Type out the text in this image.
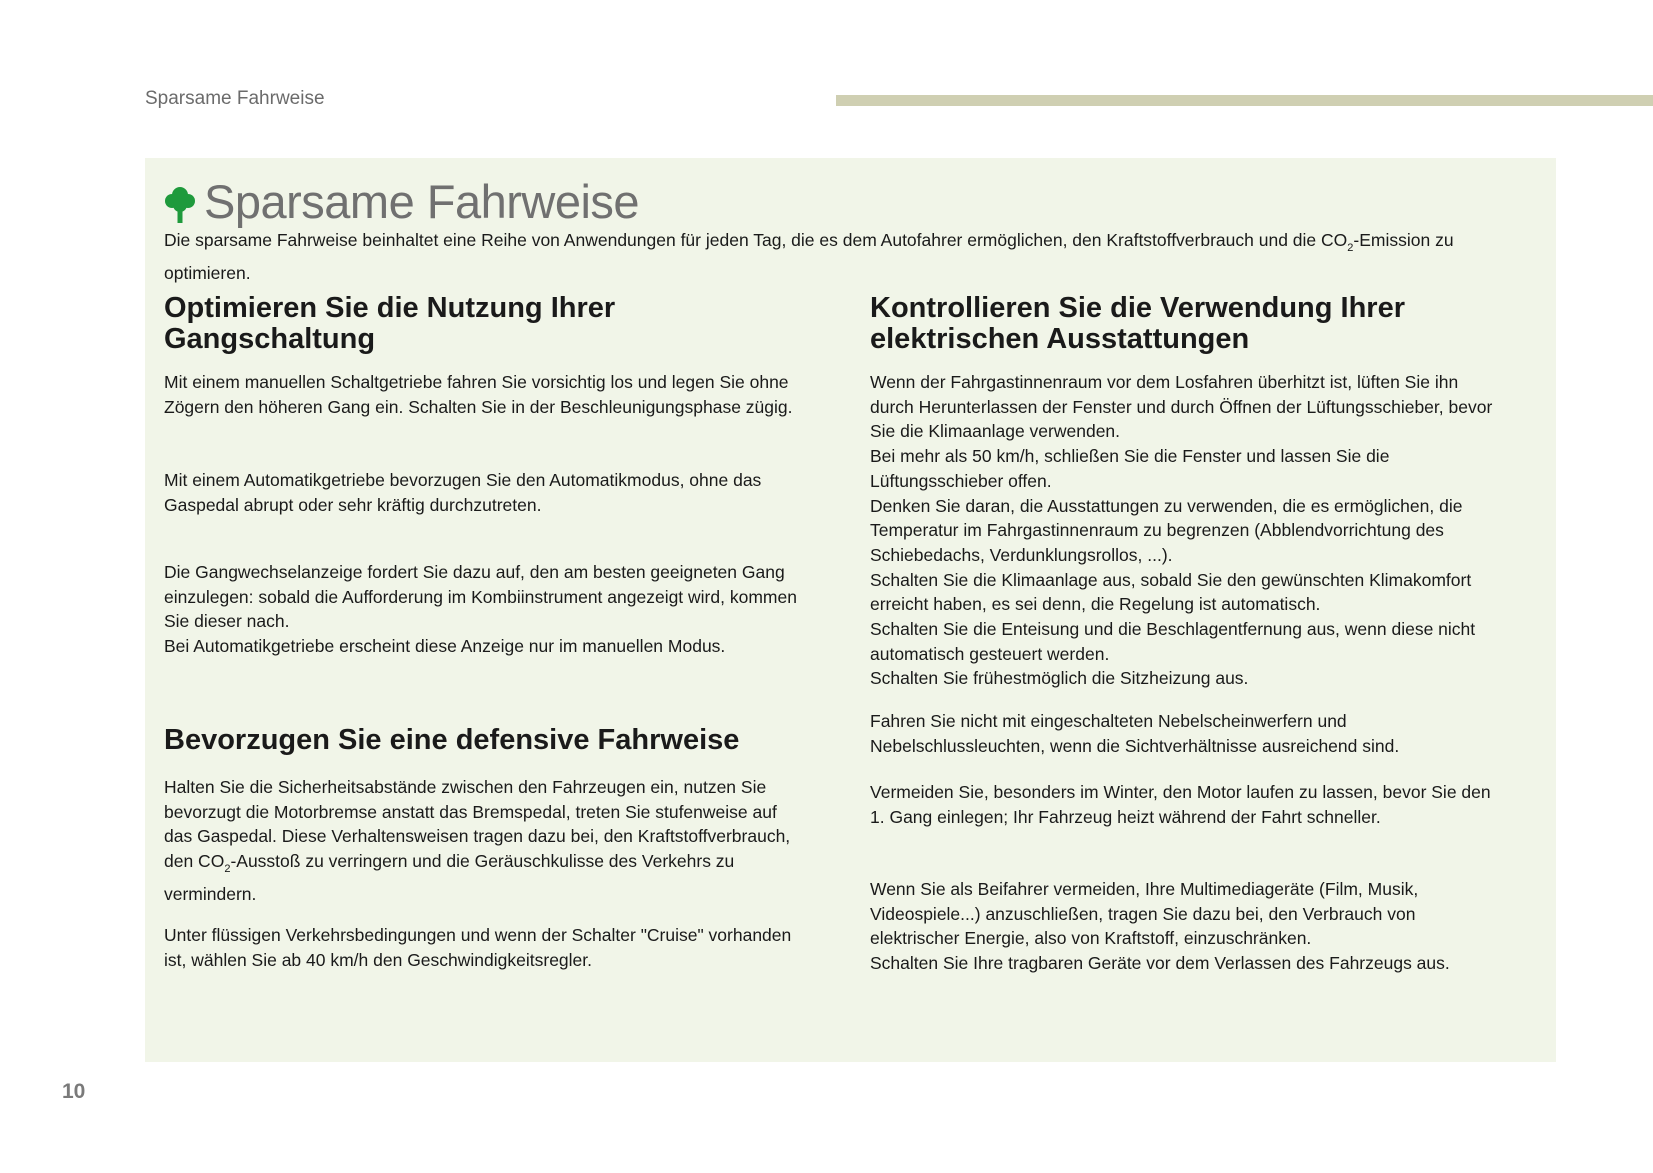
Sparsame Fahrweise
Sparsame Fahrweise
Die sparsame Fahrweise beinhaltet eine Reihe von Anwendungen für jeden Tag, die es dem Autofahrer ermöglichen, den Kraftstoffverbrauch und die $CO_2$-Emission zu
optimieren.
Optimieren Sie die Nutzung Ihrer
Gangschaltung

Mit einem manuellen Schaltgetriebe fahren Sie vorsichtig los und legen Sie ohne
Zögern den höheren Gang ein. Schalten Sie in der Beschleunigungsphase zügig.

Mit einem Automatikgetriebe bevorzugen Sie den Automatikmodus, ohne das
Gaspedal abrupt oder sehr kräftig durchzutreten.

Die Gangwechselanzeige fordert Sie dazu auf, den am besten geeigneten Gang
einzulegen: sobald die Aufforderung im Kombiinstrument angezeigt wird, kommen
Sie dieser nach.
Bei Automatikgetriebe erscheint diese Anzeige nur im manuellen Modus.

Bevorzugen Sie eine defensive Fahrweise

Halten Sie die Sicherheitsabstände zwischen den Fahrzeugen ein, nutzen Sie
bevorzugt die Motorbremse anstatt das Bremspedal, treten Sie stufenweise auf
das Gaspedal. Diese Verhaltensweisen tragen dazu bei, den Kraftstoffverbrauch,
den $CO_2$-Ausstoß zu verringern und die Geräuschkulisse des Verkehrs zu
vermindern.

Unter flüssigen Verkehrsbedingungen und wenn der Schalter "Cruise" vorhanden
ist, wählen Sie ab 40 km/h den Geschwindigkeitsregler.

Kontrollieren Sie die Verwendung Ihrer
elektrischen Ausstattungen

Wenn der Fahrgastinnenraum vor dem Losfahren überhitzt ist, lüften Sie ihn
durch Herunterlassen der Fenster und durch Öffnen der Lüftungsschieber, bevor
Sie die Klimaanlage verwenden.
Bei mehr als 50 km/h, schließen Sie die Fenster und lassen Sie die
Lüftungsschieber offen.
Denken Sie daran, die Ausstattungen zu verwenden, die es ermöglichen, die
Temperatur im Fahrgastinnenraum zu begrenzen (Abblendvorrichtung des
Schiebedachs, Verdunklungsrollos, ...).
Schalten Sie die Klimaanlage aus, sobald Sie den gewünschten Klimakomfort
erreicht haben, es sei denn, die Regelung ist automatisch.
Schalten Sie die Enteisung und die Beschlagentfernung aus, wenn diese nicht
automatisch gesteuert werden.
Schalten Sie frühestmöglich die Sitzheizung aus.

Fahren Sie nicht mit eingeschalteten Nebelscheinwerfern und
Nebelschlussleuchten, wenn die Sichtverhältnisse ausreichend sind.

Vermeiden Sie, besonders im Winter, den Motor laufen zu lassen, bevor Sie den
1. Gang einlegen; Ihr Fahrzeug heizt während der Fahrt schneller.

Wenn Sie als Beifahrer vermeiden, Ihre Multimediageräte (Film, Musik,
Videospiele...) anzuschließen, tragen Sie dazu bei, den Verbrauch von
elektrischer Energie, also von Kraftstoff, einzuschränken.
Schalten Sie Ihre tragbaren Geräte vor dem Verlassen des Fahrzeugs aus.

10
